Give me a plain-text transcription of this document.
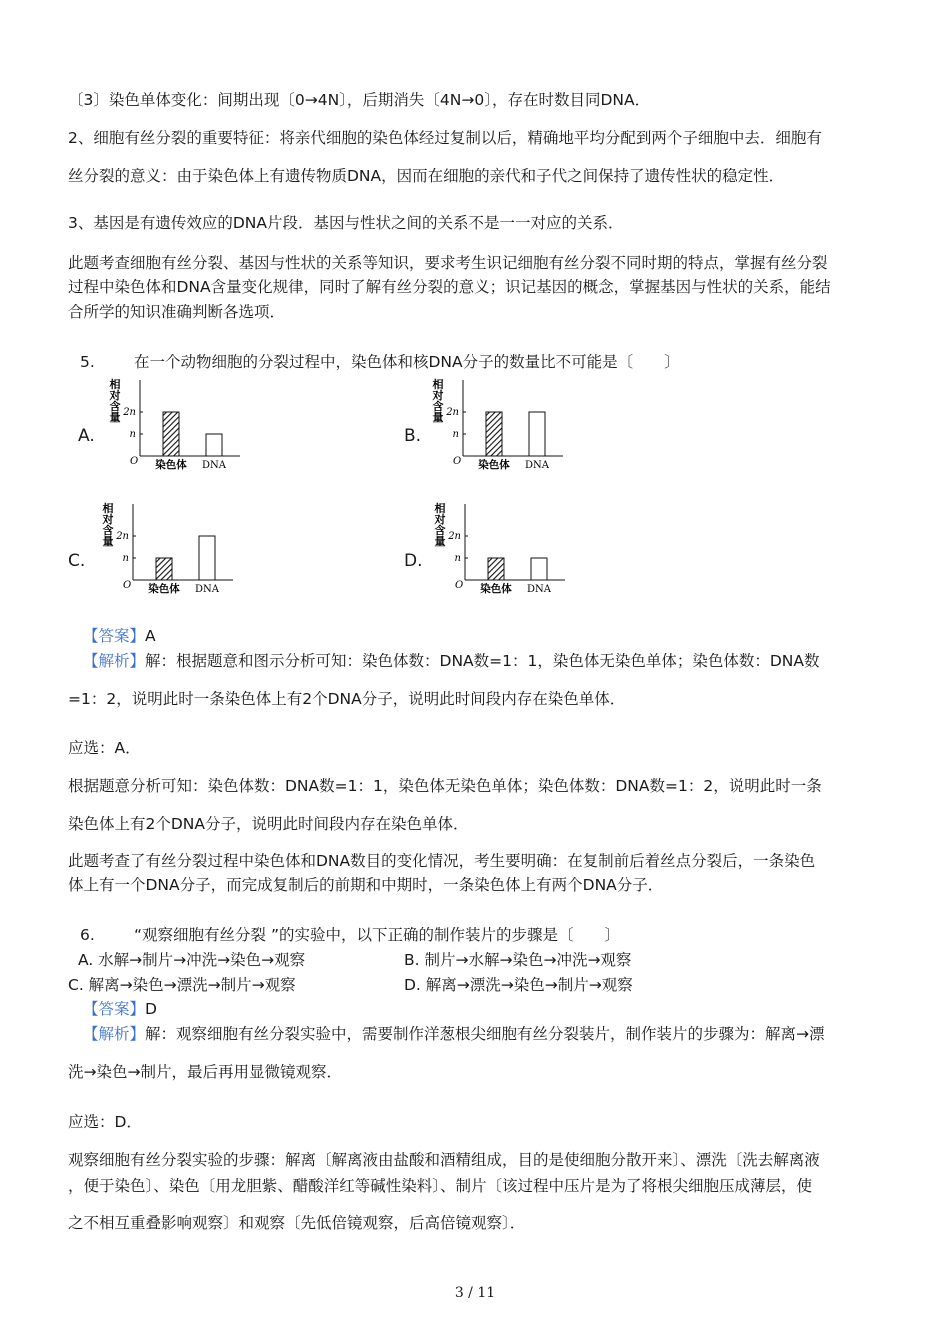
〔3〕染色单体变化：间期出现〔0→4N〕，后期消失〔4N→0〕，存在时数目同DNA．
2、细胞有丝分裂的重要特征：将亲代细胞的染色体经过复制以后，精确地平均分配到两个子细胞中去．细胞有
丝分裂的意义：由于染色体上有遗传物质DNA，因而在细胞的亲代和子代之间保持了遗传性状的稳定性．
3、基因是有遗传效应的DNA片段．基因与性状之间的关系不是一一对应的关系．
此题考查细胞有丝分裂、基因与性状的关系等知识，要求考生识记细胞有丝分裂不同时期的特点，掌握有丝分裂
过程中染色体和DNA含量变化规律，同时了解有丝分裂的意义；识记基因的概念，掌握基因与性状的关系，能结
合所学的知识准确判断各选项．
5.	在一个动物细胞的分裂过程中，染色体和核DNA分子的数量比不可能是〔　　〕
A.	B.
C.	D.
相
对
含
量
O
2n
n
染色体 DNA
相
对
含
量
O
2n
n
染色体 DNA
相
对
含
量
O
2n
n
染色体 DNA
相
对
含
量
O
2n
n
染色体 DNA
【答案】A
【解析】解：根据题意和图示分析可知：染色体数：DNA数=1：1，染色体无染色单体；染色体数：DNA数
=1：2，说明此时一条染色体上有2个DNA分子，说明此时间段内存在染色单体．
应选：A．
根据题意分析可知：染色体数：DNA数=1：1，染色体无染色单体；染色体数：DNA数=1：2，说明此时一条
染色体上有2个DNA分子，说明此时间段内存在染色单体．
此题考查了有丝分裂过程中染色体和DNA数目的变化情况，考生要明确：在复制前后着丝点分裂后，一条染色
体上有一个DNA分子，而完成复制后的前期和中期时，一条染色体上有两个DNA分子．
6.	“观察细胞有丝分裂 ”的实验中，以下正确的制作装片的步骤是〔　　〕
A. 水解→制片→冲洗→染色→观察	B. 制片→水解→染色→冲洗→观察
C. 解离→染色→漂洗→制片→观察	D. 解离→漂洗→染色→制片→观察
【答案】D
【解析】解：观察细胞有丝分裂实验中，需要制作洋葱根尖细胞有丝分裂装片，制作装片的步骤为：解离→漂
洗→染色→制片，最后再用显微镜观察．
应选：D．
观察细胞有丝分裂实验的步骤：解离〔解离液由盐酸和酒精组成，目的是使细胞分散开来〕、漂洗〔洗去解离液
，便于染色〕、染色〔用龙胆紫、醋酸洋红等碱性染料〕、制片〔该过程中压片是为了将根尖细胞压成薄层，使
之不相互重叠影响观察〕和观察〔先低倍镜观察，后高倍镜观察〕．
3 / 11
